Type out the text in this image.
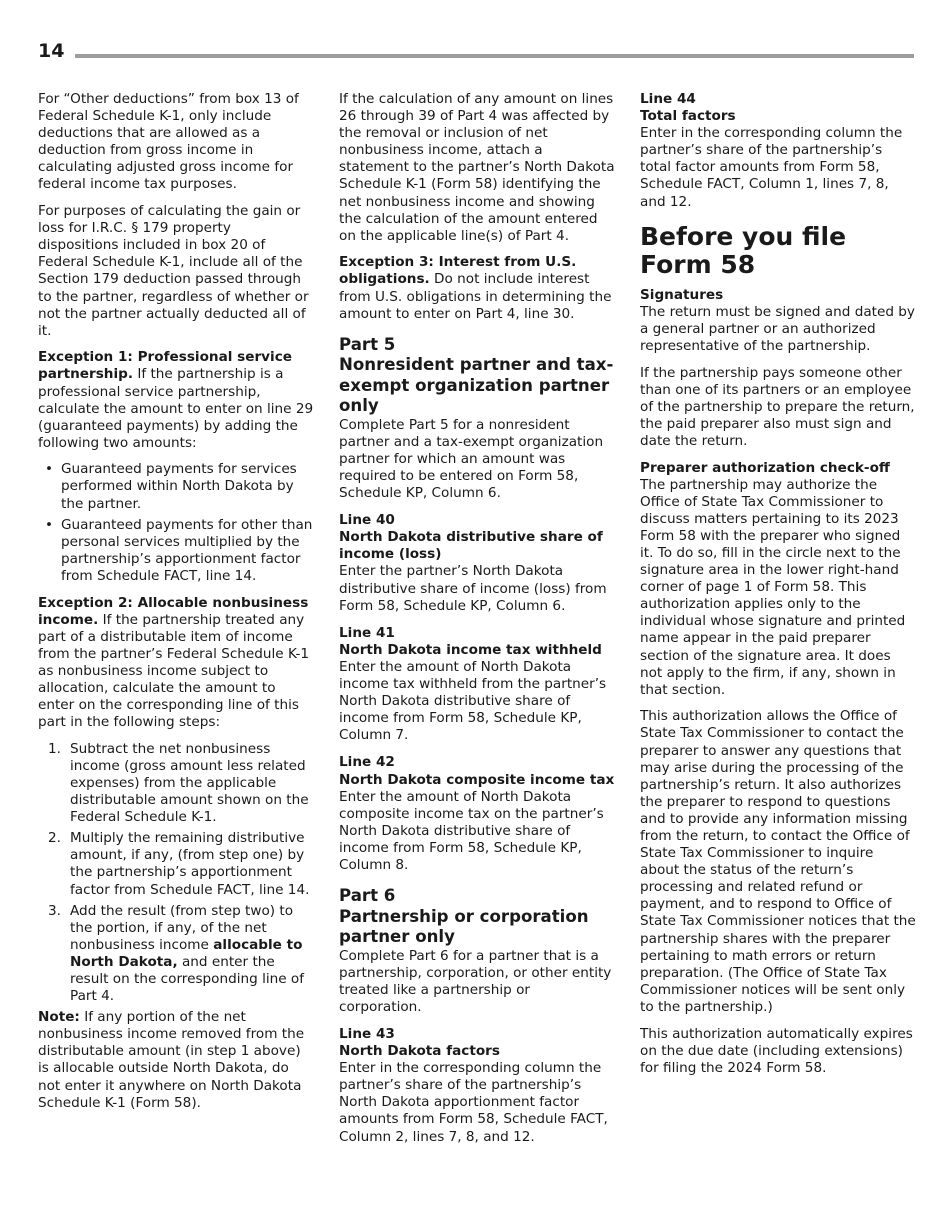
14

For “Other deductions” from box 13 of Federal Schedule K-1, only include deductions that are allowed as a deduction from gross income in calculating adjusted gross income for federal income tax purposes.

For purposes of calculating the gain or loss for I.R.C. § 179 property dispositions included in box 20 of Federal Schedule K-1, include all of the Section 179 deduction passed through to the partner, regardless of whether or not the partner actually deducted all of it.

Exception 1: Professional service partnership. If the partnership is a professional service partnership, calculate the amount to enter on line 29 (guaranteed payments) by adding the following two amounts:

• Guaranteed payments for services performed within North Dakota by the partner.
• Guaranteed payments for other than personal services multiplied by the partnership’s apportionment factor from Schedule FACT, line 14.

Exception 2: Allocable nonbusiness income. If the partnership treated any part of a distributable item of income from the partner’s Federal Schedule K-1 as nonbusiness income subject to allocation, calculate the amount to enter on the corresponding line of this part in the following steps:

Subtract the net nonbusiness income (gross amount less related expenses) from the applicable distributable amount shown on the Federal Schedule K-1.
Multiply the remaining distributive amount, if any, (from step one) by the partnership’s apportionment factor from Schedule FACT, line 14.
Add the result (from step two) to the portion, if any, of the net nonbusiness income allocable to North Dakota, and enter the result on the corresponding line of Part 4.

Note: If any portion of the net nonbusiness income removed from the distributable amount (in step 1 above) is allocable outside North Dakota, do not enter it anywhere on North Dakota Schedule K-1 (Form 58).

If the calculation of any amount on lines 26 through 39 of Part 4 was affected by the removal or inclusion of net nonbusiness income, attach a statement to the partner’s North Dakota Schedule K-1 (Form 58) identifying the net nonbusiness income and showing the calculation of the amount entered on the applicable line(s) of Part 4.

Exception 3: Interest from U.S. obligations. Do not include interest from U.S. obligations in determining the amount to enter on Part 4, line 30.

Part 5
Nonresident partner and tax-exempt organization partner only

Complete Part 5 for a nonresident partner and a tax-exempt organization partner for which an amount was required to be entered on Form 58, Schedule KP, Column 6.

Line 40
North Dakota distributive share of income (loss)

Enter the partner’s North Dakota distributive share of income (loss) from Form 58, Schedule KP, Column 6.

Line 41
North Dakota income tax withheld

Enter the amount of North Dakota income tax withheld from the partner’s North Dakota distributive share of income from Form 58, Schedule KP, Column 7.

Line 42
North Dakota composite income tax

Enter the amount of North Dakota composite income tax on the partner’s North Dakota distributive share of income from Form 58, Schedule KP, Column 8.

Part 6
Partnership or corporation partner only

Complete Part 6 for a partner that is a partnership, corporation, or other entity treated like a partnership or corporation.

Line 43
North Dakota factors

Enter in the corresponding column the partner’s share of the partnership’s North Dakota apportionment factor amounts from Form 58, Schedule FACT, Column 2, lines 7, 8, and 12.

Line 44
Total factors

Enter in the corresponding column the partner’s share of the partnership’s total factor amounts from Form 58, Schedule FACT, Column 1, lines 7, 8, and 12.

Before you file Form 58
Signatures

The return must be signed and dated by a general partner or an authorized representative of the partnership.

If the partnership pays someone other than one of its partners or an employee of the partnership to prepare the return, the paid preparer also must sign and date the return.

Preparer authorization check-off

The partnership may authorize the Office of State Tax Commissioner to discuss matters pertaining to its 2023 Form 58 with the preparer who signed it. To do so, fill in the circle next to the signature area in the lower right-hand corner of page 1 of Form 58. This authorization applies only to the individual whose signature and printed name appear in the paid preparer section of the signature area. It does not apply to the firm, if any, shown in that section.

This authorization allows the Office of State Tax Commissioner to contact the preparer to answer any questions that may arise during the processing of the partnership’s return. It also authorizes the preparer to respond to questions and to provide any information missing from the return, to contact the Office of State Tax Commissioner to inquire about the status of the return’s processing and related refund or payment, and to respond to Office of State Tax Commissioner notices that the partnership shares with the preparer pertaining to math errors or return preparation. (The Office of State Tax Commissioner notices will be sent only to the partnership.)

This authorization automatically expires on the due date (including extensions) for filing the 2024 Form 58.
